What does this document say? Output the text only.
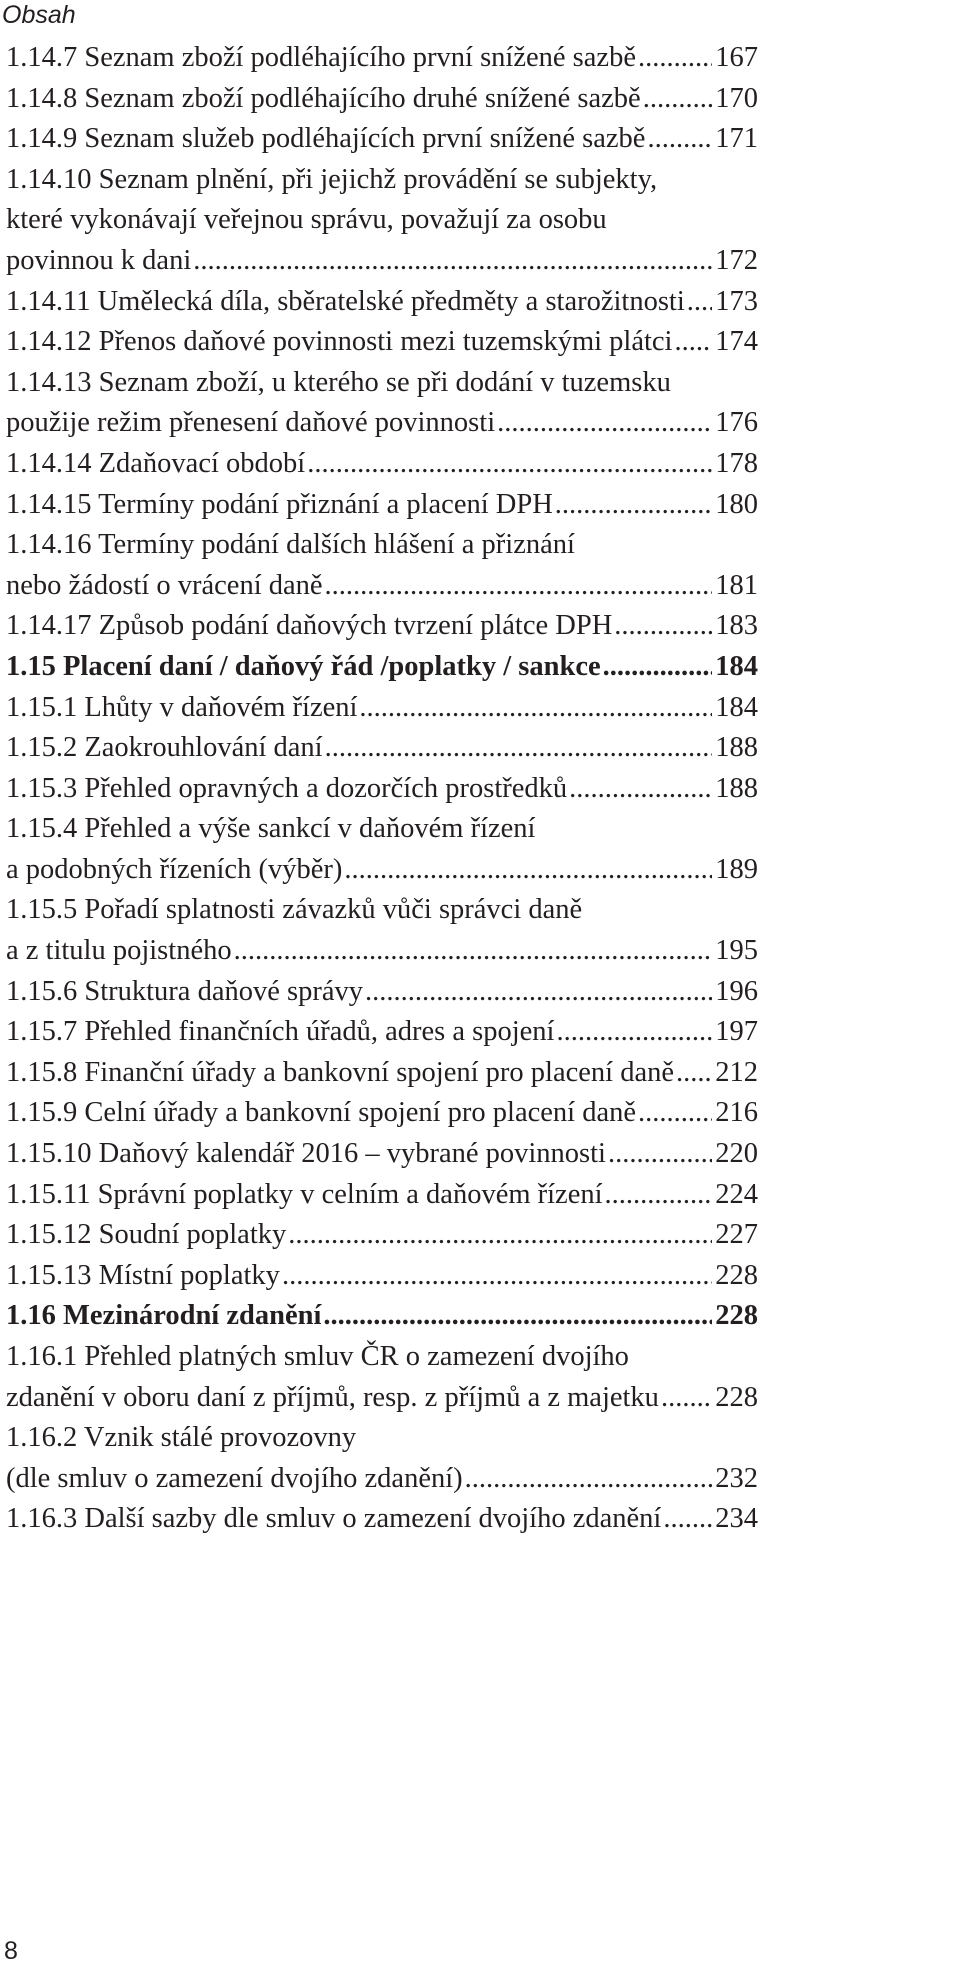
Obsah
1.14.7 Seznam zboží podléhajícího první snížené sazbě .....	167
1.14.8 Seznam zboží podléhajícího druhé snížené sazbě .....	170
1.14.9 Seznam služeb podléhajících první snížené sazbě ..... 171
1.14.10 Seznam plnění, při jejichž provádění se subjekty,
které vykonávají veřejnou správu, považují za osobu
povinnou k dani .....	172
1.14.11 Umělecká díla, sběratelské předměty a starožitnosti ..... 173
1.14.12 Přenos daňové povinnosti mezi tuzemskými plátci ..... 174
1.14.13 Seznam zboží, u kterého se při dodání v tuzemsku
použije režim přenesení daňové povinnosti .....	176
1.14.14 Zdaňovací období .....	178
1.14.15 Termíny podání přiznání a placení DPH .....	180
1.14.16 Termíny podání dalších hlášení a přiznání
nebo žádostí o vrácení daně .....	181
1.14.17 Způsob podání daňových tvrzení plátce DPH .....	183
1.15 Placení daní / daňový řád /poplatky / sankce .....	184
1.15.1 Lhůty v daňovém řízení .....	184
1.15.2 Zaokrouhlování daní .....	188
1.15.3 Přehled opravných a dozorčích prostředků .....	188
1.15.4 Přehled a výše sankcí v daňovém řízení
a podobných řízeních (výběr) .....	189
1.15.5 Pořadí splatnosti závazků vůči správci daně
a z titulu pojistného .....	195
1.15.6 Struktura daňové správy .....	196
1.15.7 Přehled finančních úřadů, adres a spojení .....	197
1.15.8 Finanční úřady a bankovní spojení pro placení daně ..... 212
1.15.9 Celní úřady a bankovní spojení pro placení daně .....	216
1.15.10 Daňový kalendář 2016 – vybrané povinnosti .....	220
1.15.11 Správní poplatky v celním a daňovém řízení .....	224
1.15.12 Soudní poplatky .....	227
1.15.13 Místní poplatky .....	228
1.16 Mezinárodní zdanění .....	228
1.16.1 Přehled platných smluv ČR o zamezení dvojího
zdanění v oboru daní z příjmů, resp. z příjmů a z majetku ..... 228
1.16.2 Vznik stálé provozovny
(dle smluv o zamezení dvojího zdanění) .....	232
1.16.3 Další sazby dle smluv o zamezení dvojího zdanění ..... 234
8
